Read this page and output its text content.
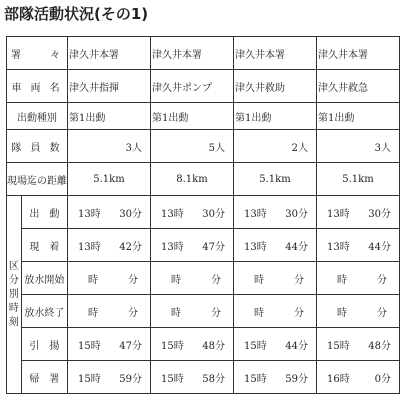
部隊活動状況(その1)
署　　々		津久井本署	津久井本署	津久井本署	津久井本署
車 両 名		津久井指揮	津久井ポンプ	津久井救助	津久井救急
出動種別		第1出動	第1出動	第1出動	第1出動
隊 員 数		3人	5人	2人	3人
現場迄の距離		5.1km	8.1km	5.1km	5.1km

区
分
別
時
刻	出　動	13時 30分	13時 30分	13時 30分	13時 30分

	現　着	13時 42分	13時 47分	13時 44分	13時 44分

	放水開始	時 分	時 分	時 分	時 分

	放水終了	時 分	時 分	時 分	時 分

	引　揚	15時 47分	15時 48分	15時 44分	15時 48分

	帰　署	15時 59分	15時 58分	15時 59分	16時 0分
